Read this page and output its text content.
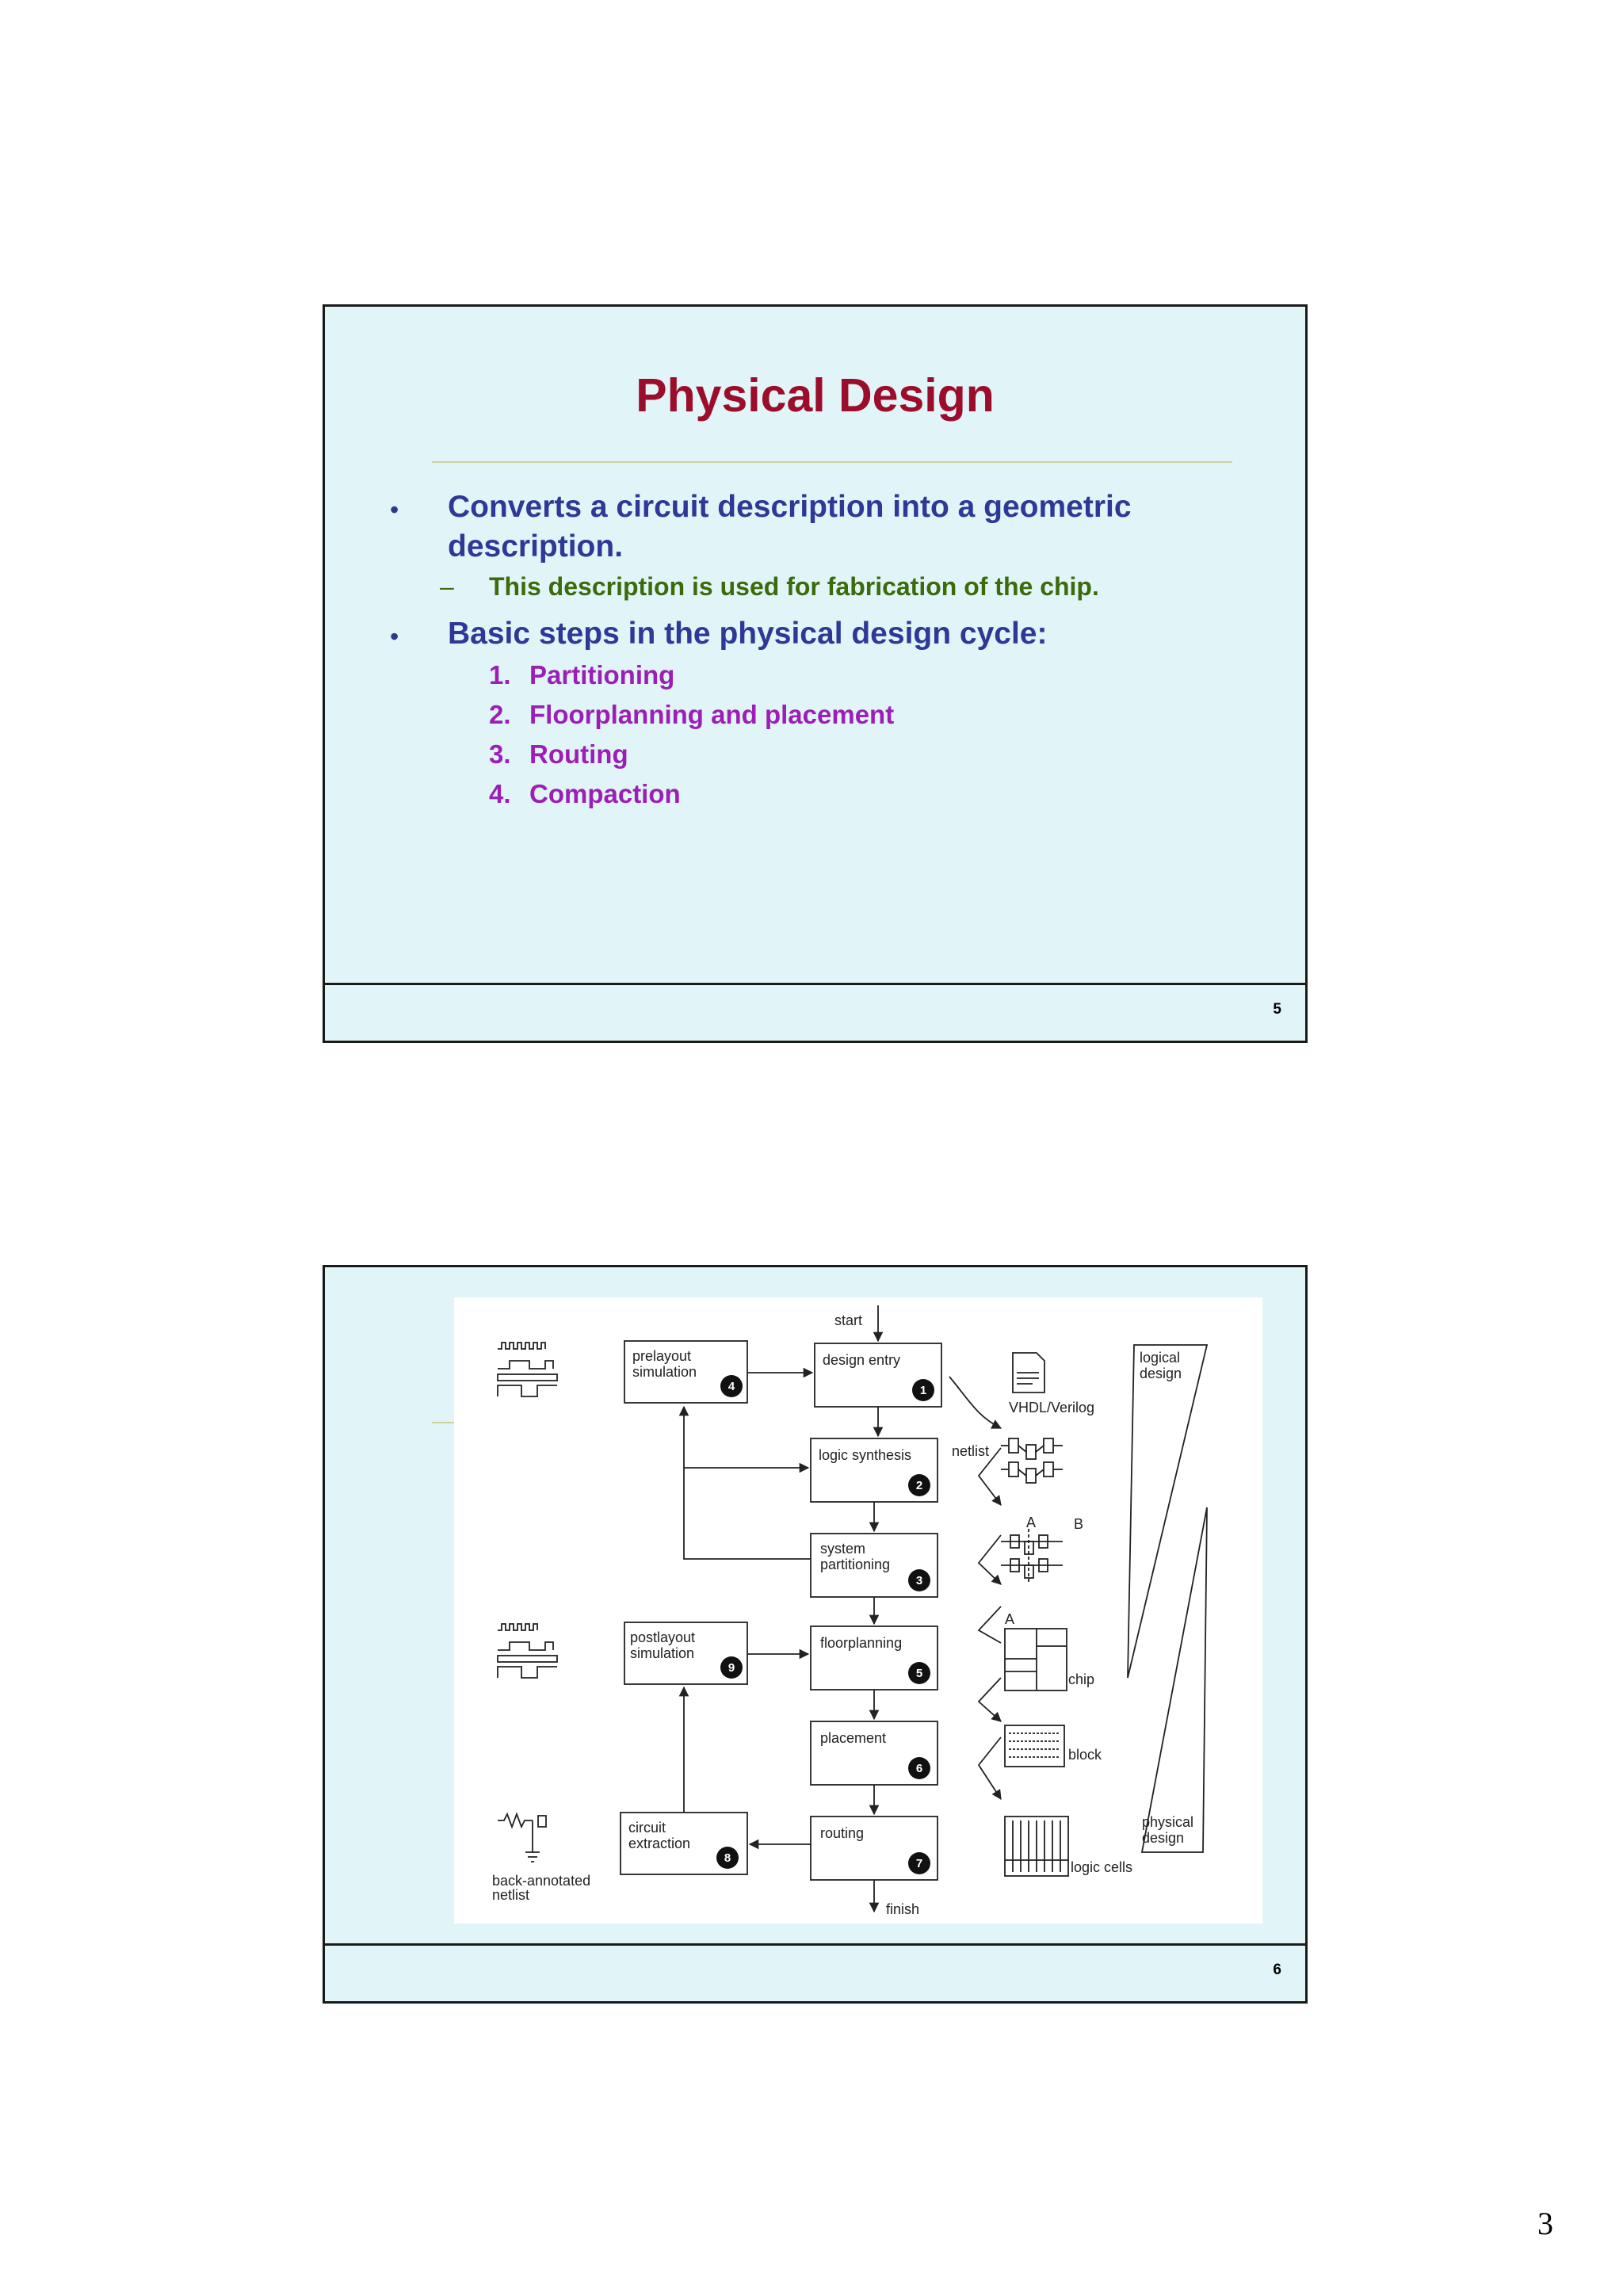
Physical Design
• Converts a circuit description into a geometric
description.
– This description is used for fabrication of the chip.
• Basic steps in the physical design cycle:
1. Partitioning
2. Floorplanning and placement
3. Routing
4. Compaction
5
1
2
3
4
5
6
7
8
9
start
design entry
logic synthesis
system
partitioning
prelayout
simulation
floorplanning
placement
routing
finish
postlayout
simulation
circuit
extraction
VHDL/Verilog
netlist
A	B
A
chip
block
logic cells
back-annotated
netlist
logical
design
physical
design
6
3
